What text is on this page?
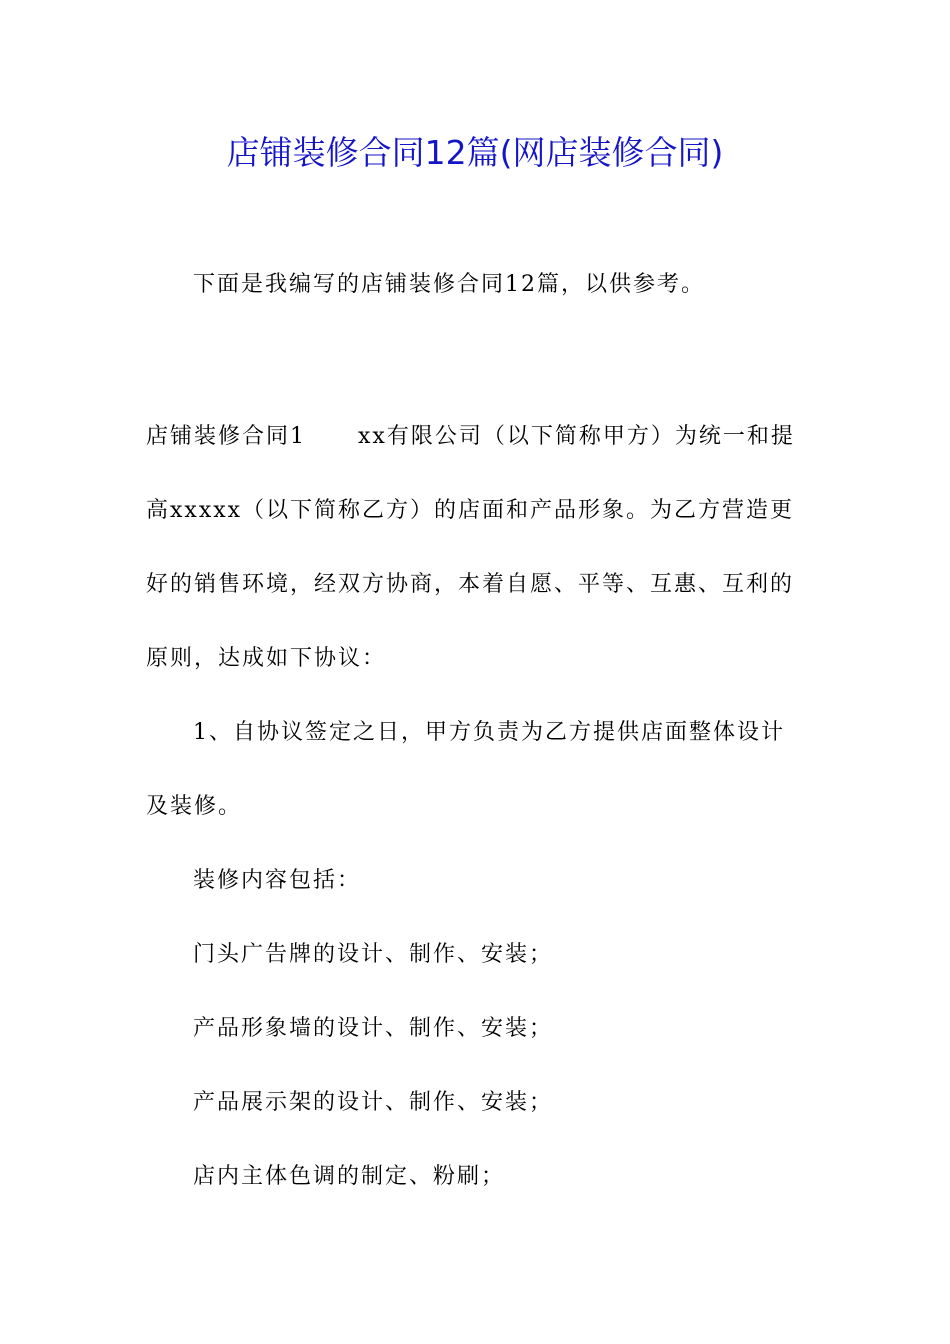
店铺装修合同12篇(网店装修合同)

下面是我编写的店铺装修合同12篇，以供参考。

店铺装修合同1 xx有限公司（以下简称甲方）为统一和提高xxxxx（以下简称乙方）的店面和产品形象。为乙方营造更好的销售环境，经双方协商，本着自愿、平等、互惠、互利的原则，达成如下协议：

1、自协议签定之日，甲方负责为乙方提供店面整体设计及装修。

装修内容包括：
门头广告牌的设计、制作、安装；
产品形象墙的设计、制作、安装；
产品展示架的设计、制作、安装；
店内主体色调的制定、粉刷；
